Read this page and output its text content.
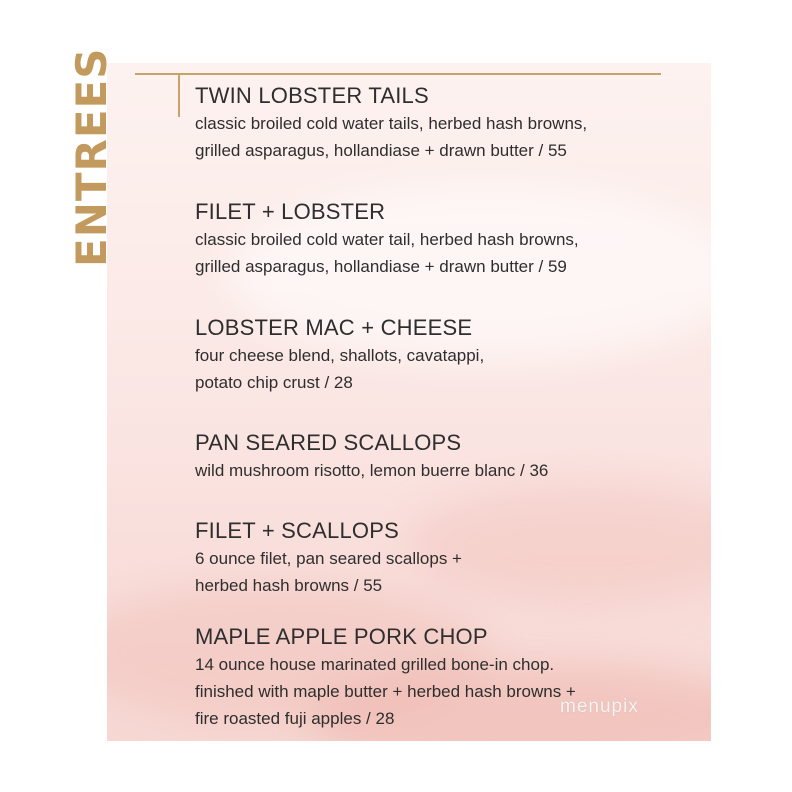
ENTREES	TWIN LOBSTER TAILS
classic broiled cold water tails, herbed hash browns,
grilled asparagus, hollandiase + drawn butter / 55
FILET + LOBSTER
classic broiled cold water tail, herbed hash browns,
grilled asparagus, hollandiase + drawn butter / 59
LOBSTER MAC + CHEESE
four cheese blend, shallots, cavatappi,
potato chip crust / 28
PAN SEARED SCALLOPS
wild mushroom risotto, lemon buerre blanc / 36
FILET + SCALLOPS
6 ounce filet, pan seared scallops +
herbed hash browns / 55
MAPLE APPLE PORK CHOP
14 ounce house marinated grilled bone-in chop.
finished with maple butter + herbed hash browns +
fire roasted fuji apples / 28
menupix
